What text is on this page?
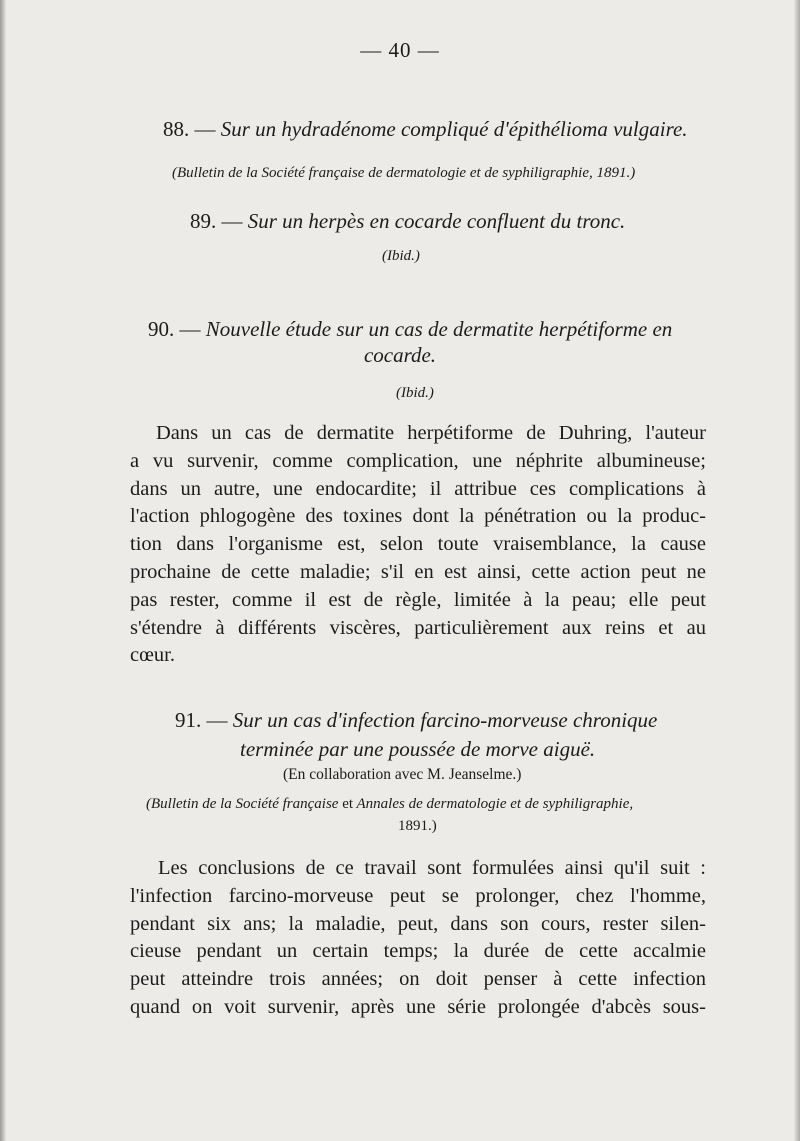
— 40 —
88. — Sur un hydradénome compliqué d'épithélioma vulgaire.
(Bulletin de la Société française de dermatologie et de syphiligraphie, 1891.)
89. — Sur un herpès en cocarde confluent du tronc.
(Ibid.)
90. — Nouvelle étude sur un cas de dermatite herpétiforme en
cocarde.
(Ibid.)
Dans un cas de dermatite herpétiforme de Duhring, l'auteur
a vu survenir, comme complication, une néphrite albumineuse;
dans un autre, une endocardite; il attribue ces complications à
l'action phlogogène des toxines dont la pénétration ou la produc-
tion dans l'organisme est, selon toute vraisemblance, la cause
prochaine de cette maladie; s'il en est ainsi, cette action peut ne
pas rester, comme il est de règle, limitée à la peau; elle peut
s'étendre à différents viscères, particulièrement aux reins et au
cœur.
91. — Sur un cas d'infection farcino-morveuse chronique
terminée par une poussée de morve aiguë.
(En collaboration avec M. Jeanselme.)
(Bulletin de la Société française et Annales de dermatologie et de syphiligraphie,
1891.)
Les conclusions de ce travail sont formulées ainsi qu'il suit :
l'infection farcino-morveuse peut se prolonger, chez l'homme,
pendant six ans; la maladie, peut, dans son cours, rester silen-
cieuse pendant un certain temps; la durée de cette accalmie
peut atteindre trois années; on doit penser à cette infection
quand on voit survenir, après une série prolongée d'abcès sous-
